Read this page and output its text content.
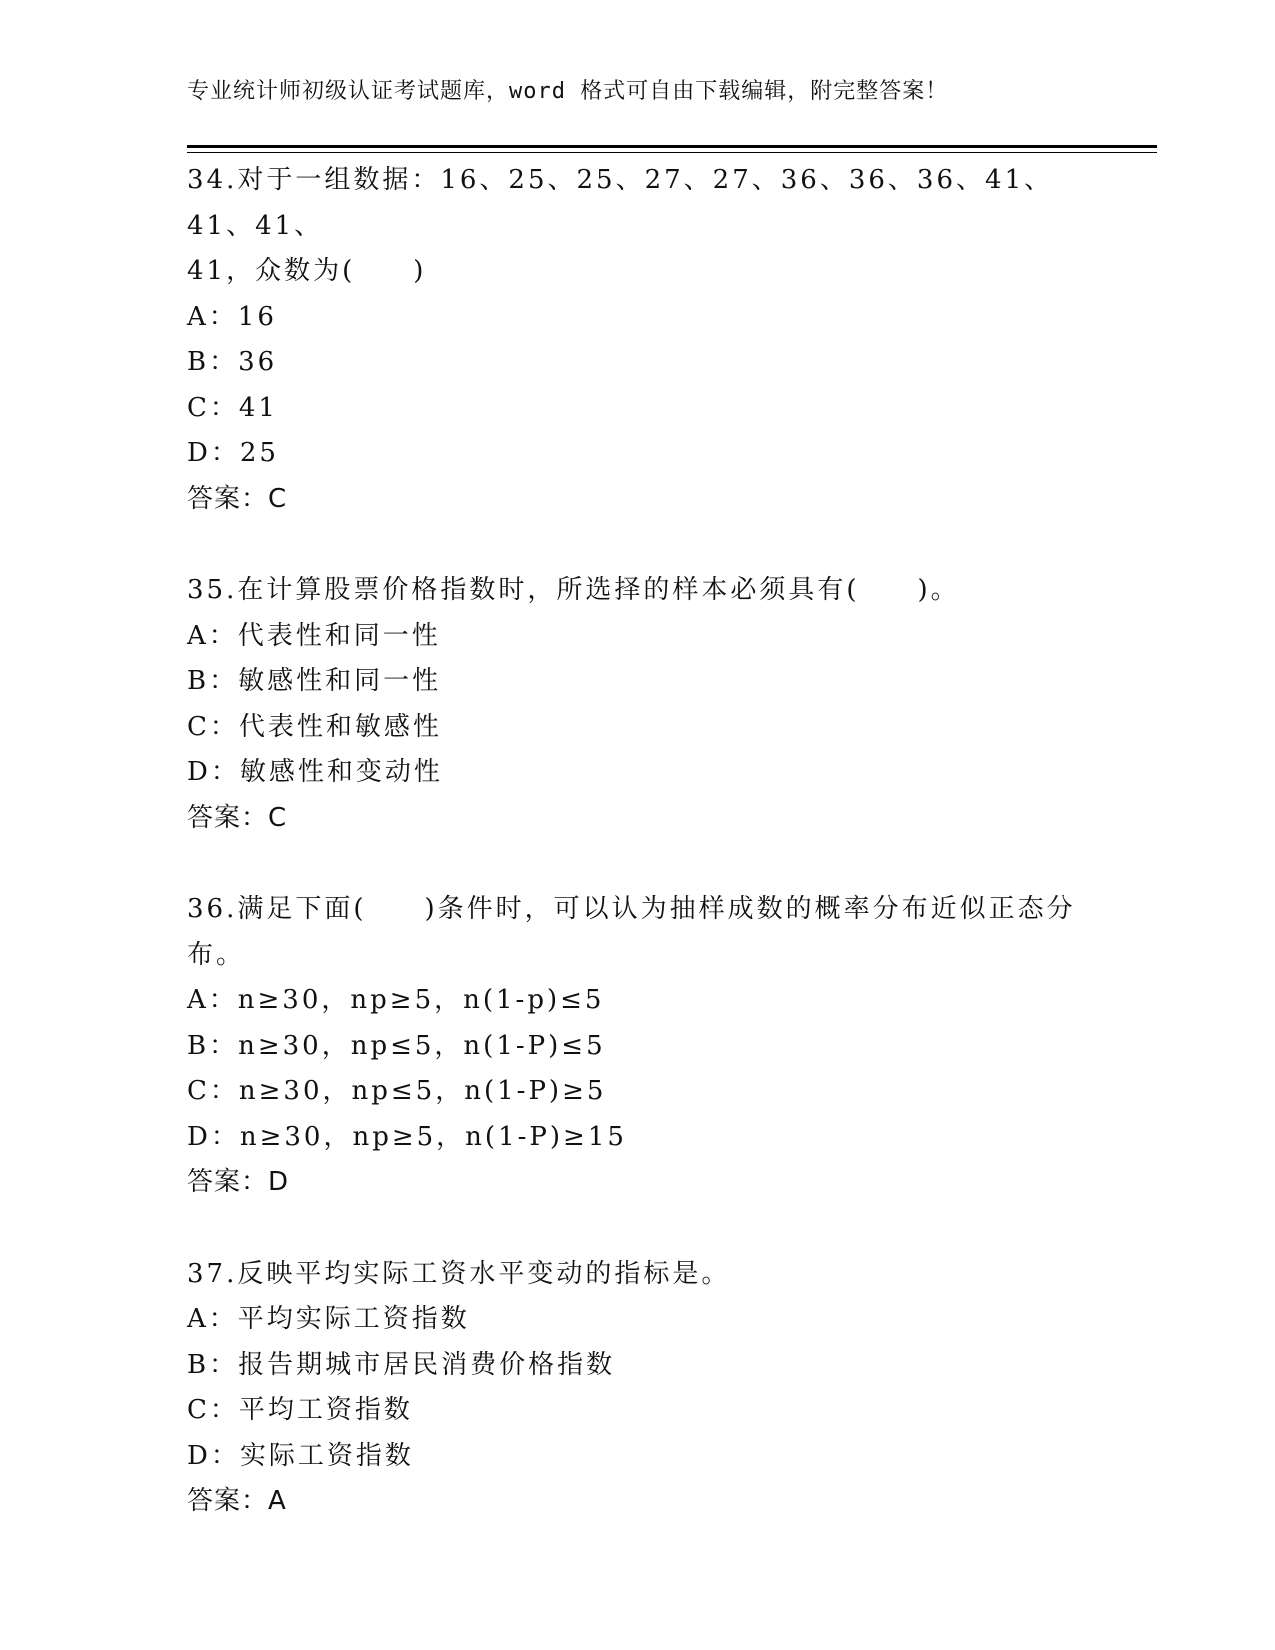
专业统计师初级认证考试题库，word 格式可自由下载编辑，附完整答案！
34.对于一组数据：16、25、25、27、27、36、36、36、41、41、41、
41，众数为(　　)
A：16
B：36
C：41
D：25
答案：C
35.在计算股票价格指数时，所选择的样本必须具有(　　)。
A：代表性和同一性
B：敏感性和同一性
C：代表性和敏感性
D：敏感性和变动性
答案：C
36.满足下面(　　)条件时，可以认为抽样成数的概率分布近似正态分
布。
A：n≥30，np≥5，n(1-p)≤5
B：n≥30，np≤5，n(1-P)≤5
C：n≥30，np≤5，n(1-P)≥5
D：n≥30，np≥5，n(1-P)≥15
答案：D
37.反映平均实际工资水平变动的指标是。
A：平均实际工资指数
B：报告期城市居民消费价格指数
C：平均工资指数
D：实际工资指数
答案：A
